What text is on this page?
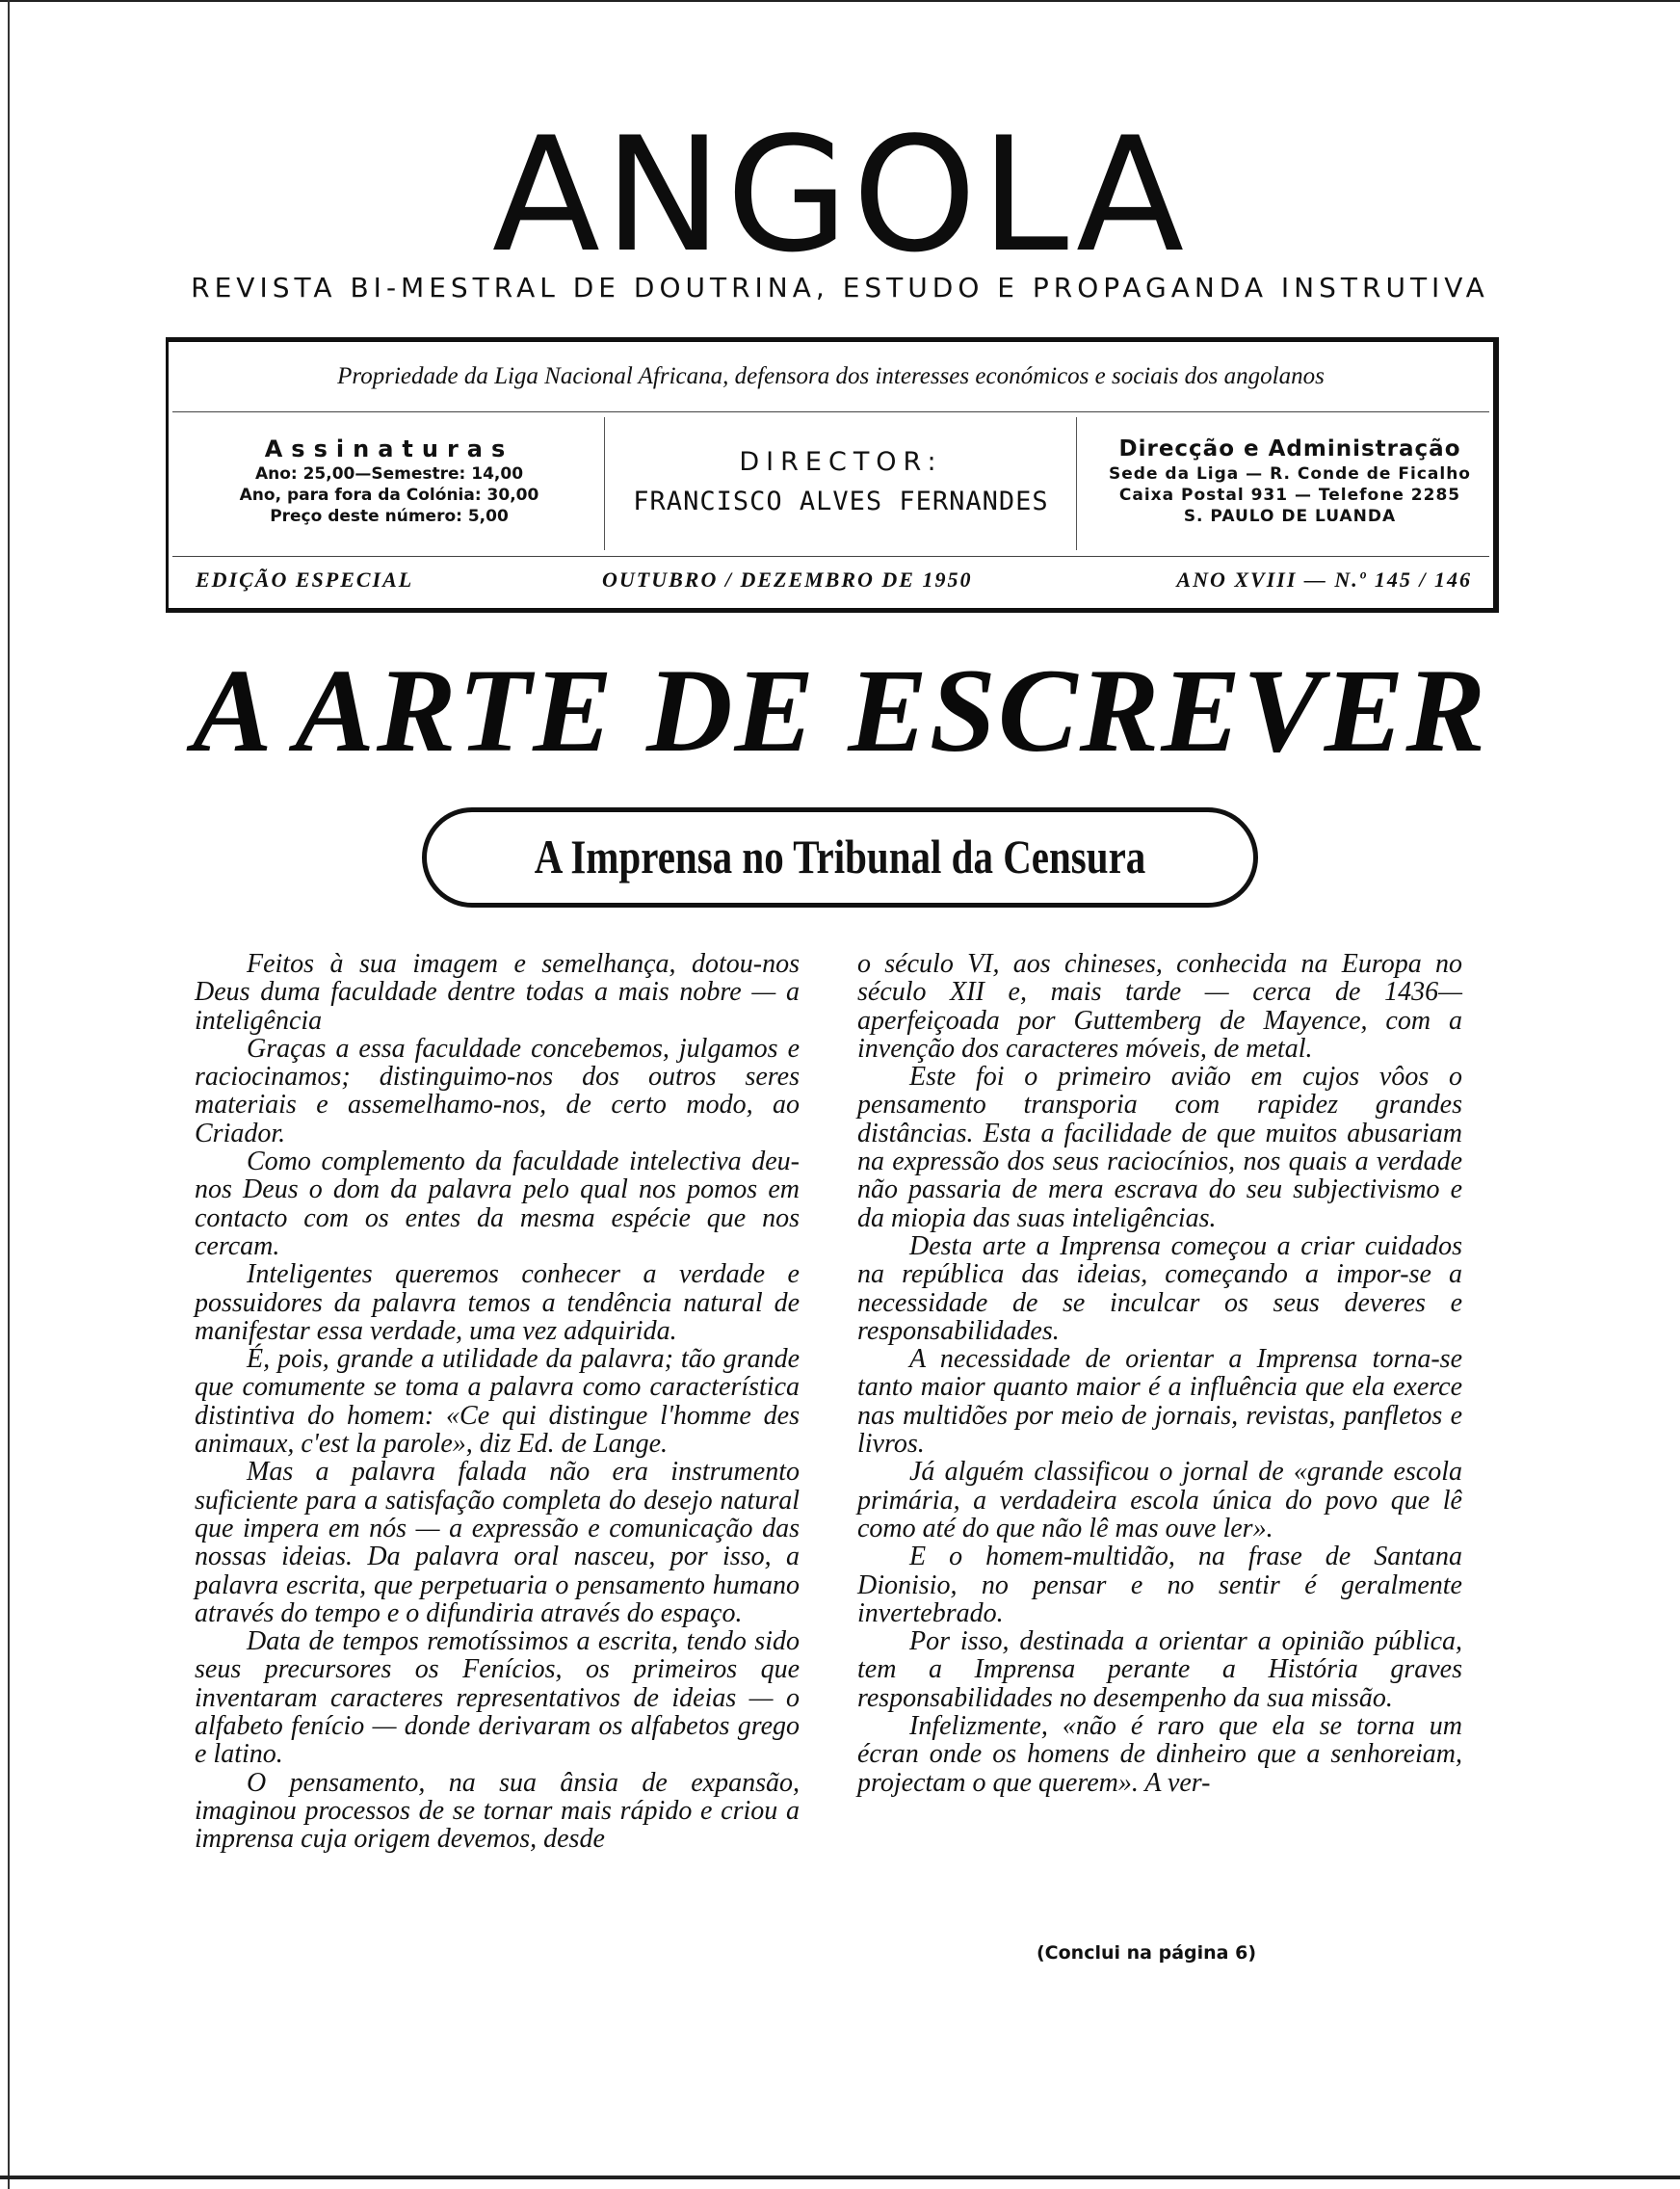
ANGOLA
REVISTA BI-MESTRAL DE DOUTRINA, ESTUDO E PROPAGANDA INSTRUTIVA
Propriedade da Liga Nacional Africana, defensora dos interesses económicos e sociais dos angolanos
Assinaturas
Ano: 25,00—Semestre: 14,00
Ano, para fora da Colónia: 30,00
Preço deste número: 5,00
DIRECTOR:
FRANCISCO ALVES FERNANDES
Direcção e Administração
Sede da Liga — R. Conde de Ficalho
Caixa Postal 931 — Telefone 2285
S. PAULO DE LUANDA
EDIÇÃO ESPECIAL	OUTUBRO / DEZEMBRO DE 1950	ANO XVIII — N.º 145 / 146
A ARTE DE ESCREVER
A Imprensa no Tribunal da Censura

Feitos à sua imagem e semelhança, dotou-nos Deus duma faculdade dentre todas a mais nobre — a inteligência

Graças a essa faculdade concebemos, julgamos e raciocinamos; distinguimo-nos dos outros seres materiais e assemelhamo-nos, de certo modo, ao Criador.

Como complemento da faculdade intelectiva deu-nos Deus o dom da palavra pelo qual nos pomos em contacto com os entes da mesma espécie que nos cercam.

Inteligentes queremos conhecer a verdade e possuidores da palavra temos a tendência natural de manifestar essa verdade, uma vez adquirida.

É, pois, grande a utilidade da palavra; tão grande que comumente se toma a palavra como característica distintiva do homem: «Ce qui distingue l'homme des animaux, c'est la parole», diz Ed. de Lange.

Mas a palavra falada não era instrumento suficiente para a satisfação completa do desejo natural que impera em nós — a expressão e comunicação das nossas ideias. Da palavra oral nasceu, por isso, a palavra escrita, que perpetuaria o pensamento humano através do tempo e o difundiria através do espaço.

Data de tempos remotíssimos a escrita, tendo sido seus precursores os Fenícios, os primeiros que inventaram caracteres representativos de ideias — o alfabeto fenício — donde derivaram os alfabetos grego e latino.

O pensamento, na sua ânsia de expansão, imaginou processos de se tornar mais rápido e criou a imprensa cuja origem devemos, desde

o século VI, aos chineses, conhecida na Europa no século XII e, mais tarde — cerca de 1436—aperfeiçoada por Guttemberg de Mayence, com a invenção dos caracteres móveis, de metal.

Este foi o primeiro avião em cujos vôos o pensamento transporia com rapidez grandes distâncias. Esta a facilidade de que muitos abusariam na expressão dos seus raciocínios, nos quais a verdade não passaria de mera escrava do seu subjectivismo e da miopia das suas inteligências.

Desta arte a Imprensa começou a criar cuidados na república das ideias, começando a impor-se a necessidade de se inculcar os seus deveres e responsabilidades.

A necessidade de orientar a Imprensa torna-se tanto maior quanto maior é a influência que ela exerce nas multidões por meio de jornais, revistas, panfletos e livros.

Já alguém classificou o jornal de «grande escola primária, a verdadeira escola única do povo que lê como até do que não lê mas ouve ler».

E o homem-multidão, na frase de Santana Dionisio, no pensar e no sentir é geralmente invertebrado.

Por isso, destinada a orientar a opinião pública, tem a Imprensa perante a História graves responsabilidades no desempenho da sua missão.

Infelizmente, «não é raro que ela se torna um écran onde os homens de dinheiro que a senhoreiam, projectam o que querem». A ver-

(Conclui na página 6)
